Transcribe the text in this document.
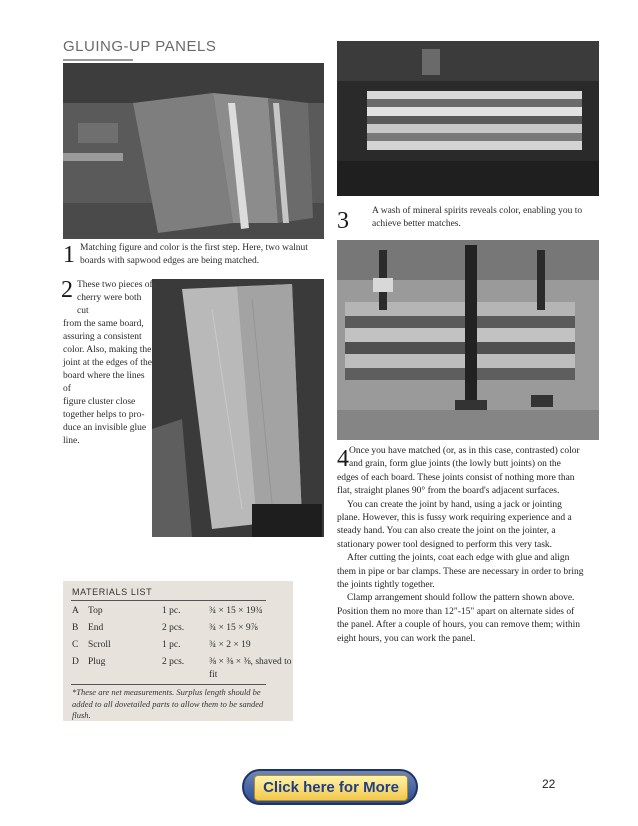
GLUING-UP PANELS
1 Matching figure and color is the first step. Here, two walnut boards with sapwood edges are being matched.
2 These two pieces of
cherry were both cut
from the same board,
assuring a consistent
color. Also, making the
joint at the edges of the
board where the lines of
figure cluster close
together helps to pro-
duce an invisible glue
line.
3 A wash of mineral spirits reveals color, enabling you to achieve better matches.
4 Once you have matched (or, as in this case, contrasted) color

and grain, form glue joints (the lowly butt joints) on the

edges of each board. These joints consist of nothing more than

flat, straight planes 90° from the board's adjacent surfaces.

You can create the joint by hand, using a jack or jointing

plane. However, this is fussy work requiring experience and a

steady hand. You can also create the joint on the jointer, a

stationary power tool designed to perform this very task.

After cutting the joints, coat each edge with glue and align

them in pipe or bar clamps. These are necessary in order to bring

the joints tightly together.

Clamp arrangement should follow the pattern shown above.

Position them no more than 12"-15" apart on alternate sides of

the panel. After a couple of hours, you can remove them; within

eight hours, you can work the panel.

MATERIALS LIST
A Top	1 pc.	¾ × 15 × 19¾
B End	2 pcs.	¾ × 15 × 9⅞
C Scroll	1 pc.	¾ × 2 × 19
D Plug	2 pcs.	⅜ × ⅜ × ⅜, shaved to
fit
*These are net measurements. Surplus length should be added to all dovetailed parts to allow them to be sanded flush.
Click here for More	22
